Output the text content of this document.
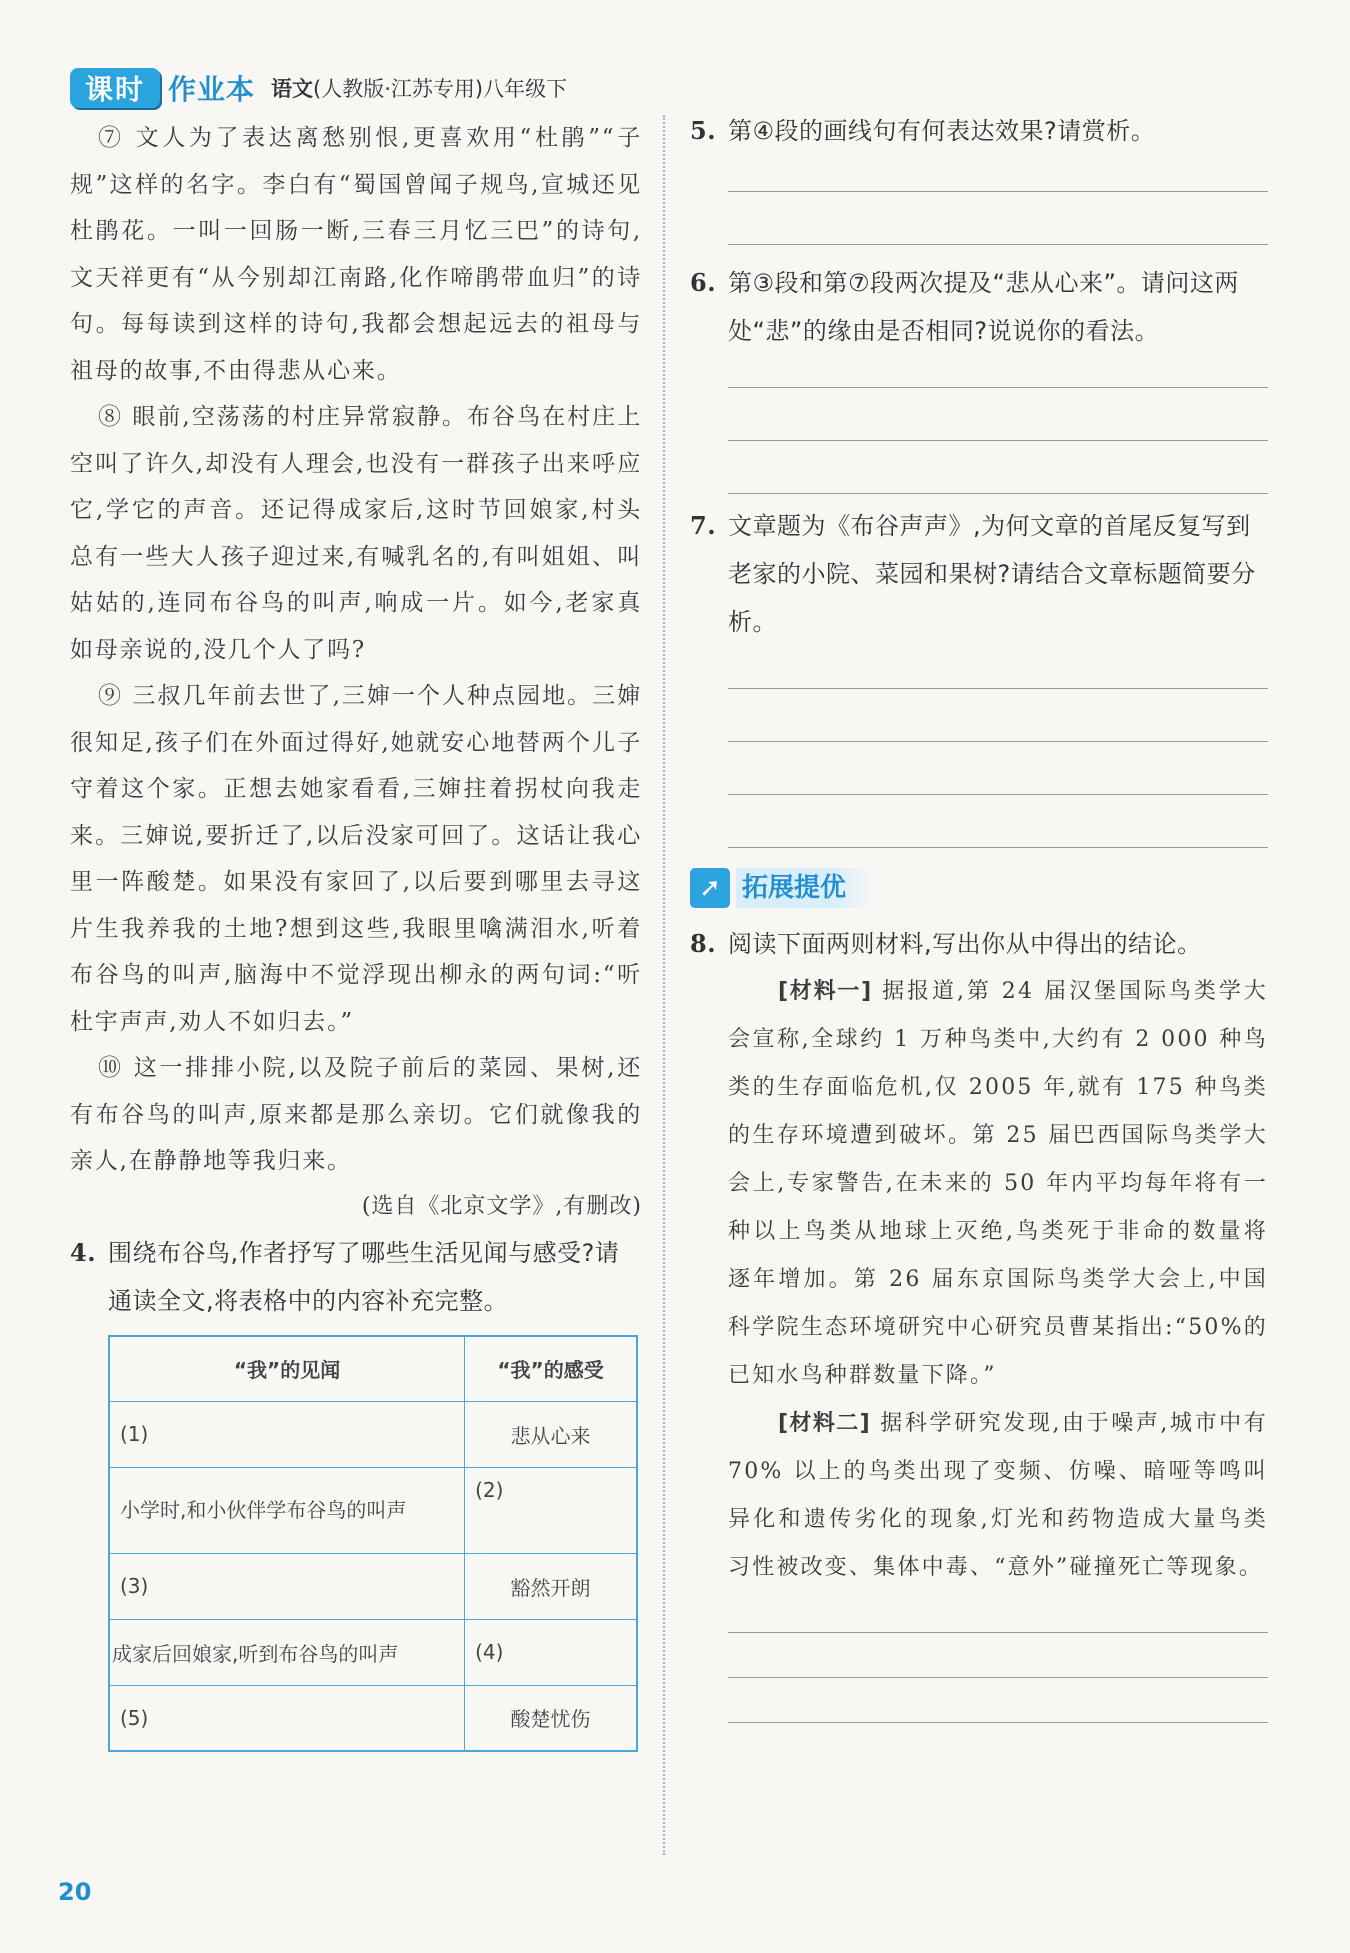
课时 作业本 语文(人教版·江苏专用)八年级下

⑦ 文人为了表达离愁别恨,更喜欢用“杜鹃”“子规”这样的名字。李白有“蜀国曾闻子规鸟,宣城还见杜鹃花。一叫一回肠一断,三春三月忆三巴”的诗句,文天祥更有“从今别却江南路,化作啼鹃带血归”的诗句。每每读到这样的诗句,我都会想起远去的祖母与祖母的故事,不由得悲从心来。

⑧ 眼前,空荡荡的村庄异常寂静。布谷鸟在村庄上空叫了许久,却没有人理会,也没有一群孩子出来呼应它,学它的声音。还记得成家后,这时节回娘家,村头总有一些大人孩子迎过来,有喊乳名的,有叫姐姐、叫姑姑的,连同布谷鸟的叫声,响成一片。如今,老家真如母亲说的,没几个人了吗?

⑨ 三叔几年前去世了,三婶一个人种点园地。三婶很知足,孩子们在外面过得好,她就安心地替两个儿子守着这个家。正想去她家看看,三婶拄着拐杖向我走来。三婶说,要折迁了,以后没家可回了。这话让我心里一阵酸楚。如果没有家回了,以后要到哪里去寻这片生我养我的土地?想到这些,我眼里噙满泪水,听着布谷鸟的叫声,脑海中不觉浮现出柳永的两句词:“听杜宇声声,劝人不如归去。”

⑩ 这一排排小院,以及院子前后的菜园、果树,还有布谷鸟的叫声,原来都是那么亲切。它们就像我的亲人,在静静地等我归来。

(选自《北京文学》,有删改)

4. 围绕布谷鸟,作者抒写了哪些生活见闻与感受?请通读全文,将表格中的内容补充完整。
“我”的见闻	“我”的感受
(1)	悲从心来
小学时,和小伙伴学布谷鸟的叫声	(2)
(3)	豁然开朗
成家后回娘家,听到布谷鸟的叫声	(4)
(5)	酸楚忧伤
5. 第④段的画线句有何表达效果?请赏析。
6. 第③段和第⑦段两次提及“悲从心来”。请问这两处“悲”的缘由是否相同?说说你的看法。
7. 文章题为《布谷声声》,为何文章的首尾反复写到老家的小院、菜园和果树?请结合文章标题简要分析。
➚ 拓展提优
8. 阅读下面两则材料,写出你从中得出的结论。

[材料一] 据报道,第 24 届汉堡国际鸟类学大会宣称,全球约 1 万种鸟类中,大约有 2 000 种鸟类的生存面临危机,仅 2005 年,就有 175 种鸟类的生存环境遭到破坏。第 25 届巴西国际鸟类学大会上,专家警告,在未来的 50 年内平均每年将有一种以上鸟类从地球上灭绝,鸟类死于非命的数量将逐年增加。第 26 届东京国际鸟类学大会上,中国科学院生态环境研究中心研究员曹某指出:“50%的已知水鸟种群数量下降。”

[材料二] 据科学研究发现,由于噪声,城市中有 70% 以上的鸟类出现了变频、仿噪、暗哑等鸣叫异化和遗传劣化的现象,灯光和药物造成大量鸟类习性被改变、集体中毒、“意外”碰撞死亡等现象。

20
